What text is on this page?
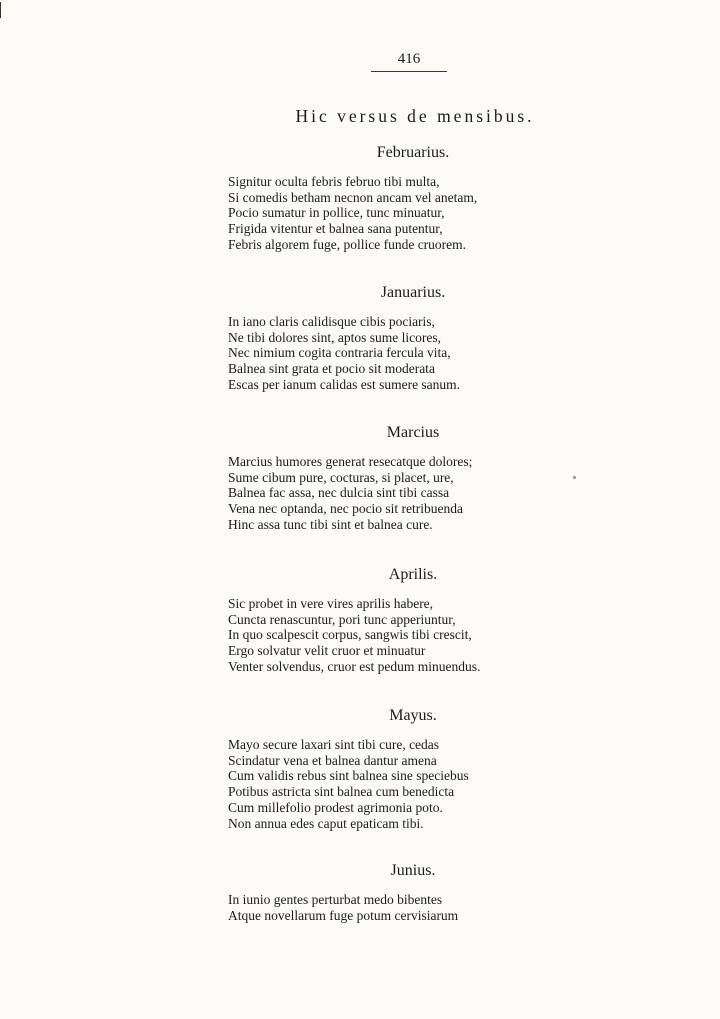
416
Hic versus de mensibus.
Februarius.
Signitur oculta febris februo tibi multa,
Si comedis betham necnon ancam vel anetam,
Pocio sumatur in pollice, tunc minuatur,
Frigida vitentur et balnea sana putentur,
Febris algorem fuge, pollice funde cruorem.
Januarius.
In iano claris calidisque cibis pociaris,
Ne tibi dolores sint, aptos sume licores,
Nec nimium cogita contraria fercula vita,
Balnea sint grata et pocio sit moderata
Escas per ianum calidas est sumere sanum.
Marcius
Marcius humores generat resecatque dolores;
Sume cibum pure, cocturas, si placet, ure,
Balnea fac assa, nec dulcia sint tibi cassa
Vena nec optanda, nec pocio sit retribuenda
Hinc assa tunc tibi sint et balnea cure.
Aprilis.
Sic probet in vere vires aprilis habere,
Cuncta renascuntur, pori tunc apperiuntur,
In quo scalpescit corpus, sangwis tibi crescit,
Ergo solvatur velit cruor et minuatur
Venter solvendus, cruor est pedum minuendus.
Mayus.
Mayo secure laxari sint tibi cure, cedas
Scindatur vena et balnea dantur amena
Cum validis rebus sint balnea sine speciebus
Potibus astricta sint balnea cum benedicta
Cum millefolio prodest agrimonia poto.
Non annua edes caput epaticam tibi.
Junius.
In iunio gentes perturbat medo bibentes
Atque novellarum fuge potum cervisiarum
